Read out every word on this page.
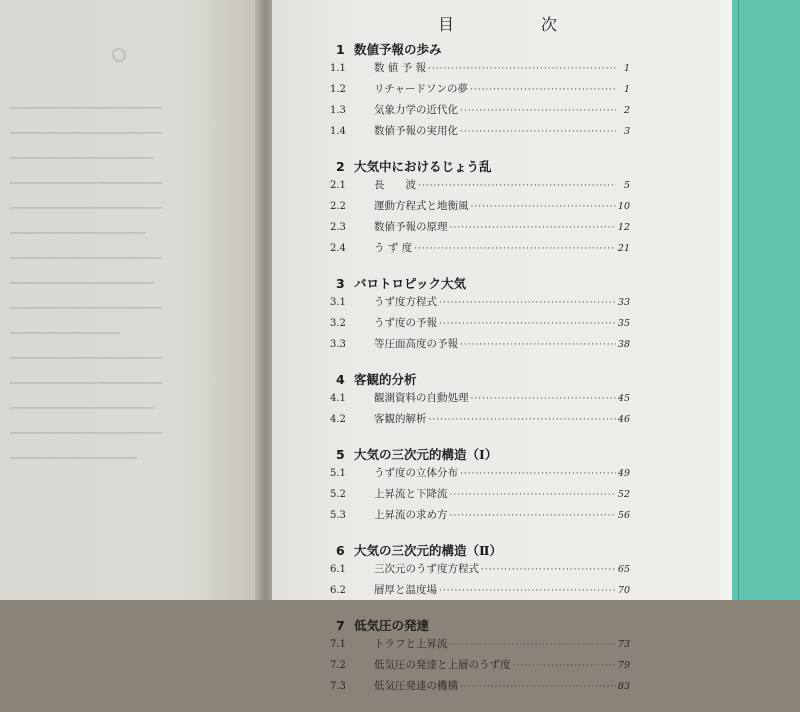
▁▁▁▁▁▁▁▁▁▁▁▁▁▁▁▁▁▁
▁▁▁▁▁▁▁▁▁▁▁▁▁▁▁▁▁▁
▁▁▁▁▁▁▁▁▁▁▁▁▁▁▁▁▁
▁▁▁▁▁▁▁▁▁▁▁▁▁▁▁▁▁▁
▁▁▁▁▁▁▁▁▁▁▁▁▁▁▁▁▁▁
▁▁▁▁▁▁▁▁▁▁▁▁▁▁▁▁
▁▁▁▁▁▁▁▁▁▁▁▁▁▁▁▁▁▁
▁▁▁▁▁▁▁▁▁▁▁▁▁▁▁▁▁
▁▁▁▁▁▁▁▁▁▁▁▁▁▁▁▁▁▁
▁▁▁▁▁▁▁▁▁▁▁▁▁
▁▁▁▁▁▁▁▁▁▁▁▁▁▁▁▁▁▁
▁▁▁▁▁▁▁▁▁▁▁▁▁▁▁▁▁▁
▁▁▁▁▁▁▁▁▁▁▁▁▁▁▁▁▁
▁▁▁▁▁▁▁▁▁▁▁▁▁▁▁▁▁▁
▁▁▁▁▁▁▁▁▁▁▁▁▁▁▁
目	次
1 数値予報の歩み
1.1	数 値 予 報 ·····	1
1.2	リチャードソンの夢 ·····	1
1.3	気象力学の近代化 ·····	2
1.4	数値予報の実用化 ·····	3
2 大気中におけるじょう乱
2.1	長　　波 ·····	5
2.2	運動方程式と地衡風 ·····	10
2.3	数値予報の原理 ·····	12
2.4	う ず 度 ·····	21
3 バロトロピック大気
3.1	うず度方程式 ·····	33
3.2	うず度の予報 ·····	35
3.3	等圧面高度の予報 ·····	38
4 客観的分析
4.1	観測資料の自動処理 ·····	45
4.2	客観的解析 ·····	46
5 大気の三次元的構造（Ⅰ）
5.1	うず度の立体分布 ·····	49
5.2	上昇流と下降流 ·····	52
5.3	上昇流の求め方 ·····	56
6 大気の三次元的構造（Ⅱ）
6.1	三次元のうず度方程式 ·····	65
6.2	層厚と温度場 ·····	70
7 低気圧の発達
7.1	トラフと上昇流 ·····	73
7.2	低気圧の発達と上層のうず度 ·····	79
7.3	低気圧発達の機構 ·····	83
